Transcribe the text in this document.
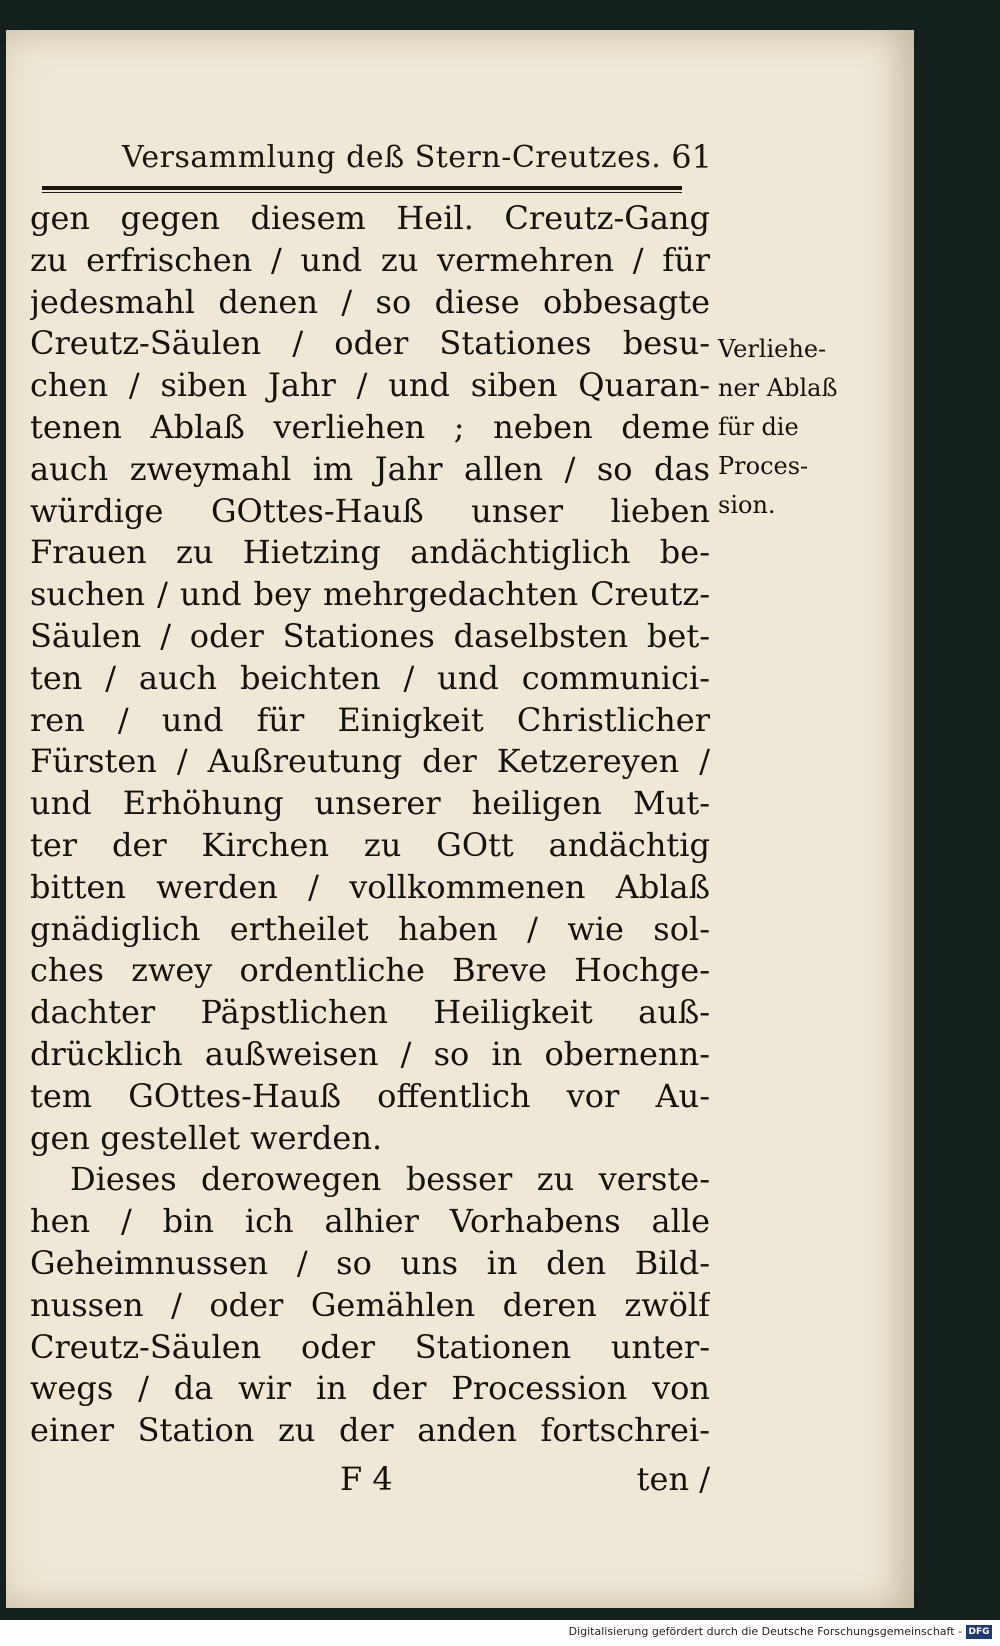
Versammlung deß Stern-Creutzes. 61
gen gegen diesem Heil. Creutz-Gang
zu erfrischen / und zu vermehren / für
jedesmahl denen / so diese obbesagte
Creutz-Säulen / oder Stationes besu-
chen / siben Jahr / und siben Quaran-
tenen Ablaß verliehen ; neben deme
auch zweymahl im Jahr allen / so das
würdige GOttes-Hauß unser lieben
Frauen zu Hietzing andächtiglich be-
suchen / und bey mehrgedachten Creutz-
Säulen / oder Stationes daselbsten bet-
ten / auch beichten / und communici-
ren / und für Einigkeit Christlicher
Fürsten / Außreutung der Ketzereyen /
und Erhöhung unserer heiligen Mut-
ter der Kirchen zu GOtt andächtig
bitten werden / vollkommenen Ablaß
gnädiglich ertheilet haben / wie sol-
ches zwey ordentliche Breve Hochge-
dachter Päpstlichen Heiligkeit auß-
drücklich außweisen / so in obernenn-
tem GOttes-Hauß offentlich vor Au-
gen gestellet werden.
Dieses derowegen besser zu verste-
hen / bin ich alhier Vorhabens alle
Geheimnussen / so uns in den Bild-
nussen / oder Gemählen deren zwölf
Creutz-Säulen oder Stationen unter-
wegs / da wir in der Procession von
einer Station zu der anden fortschrei-
Verliehe-
ner Ablaß
für die
Proces-
sion.
F 4	ten /
Digitalisierung gefördert durch die Deutsche Forschungsgemeinschaft - DFG
